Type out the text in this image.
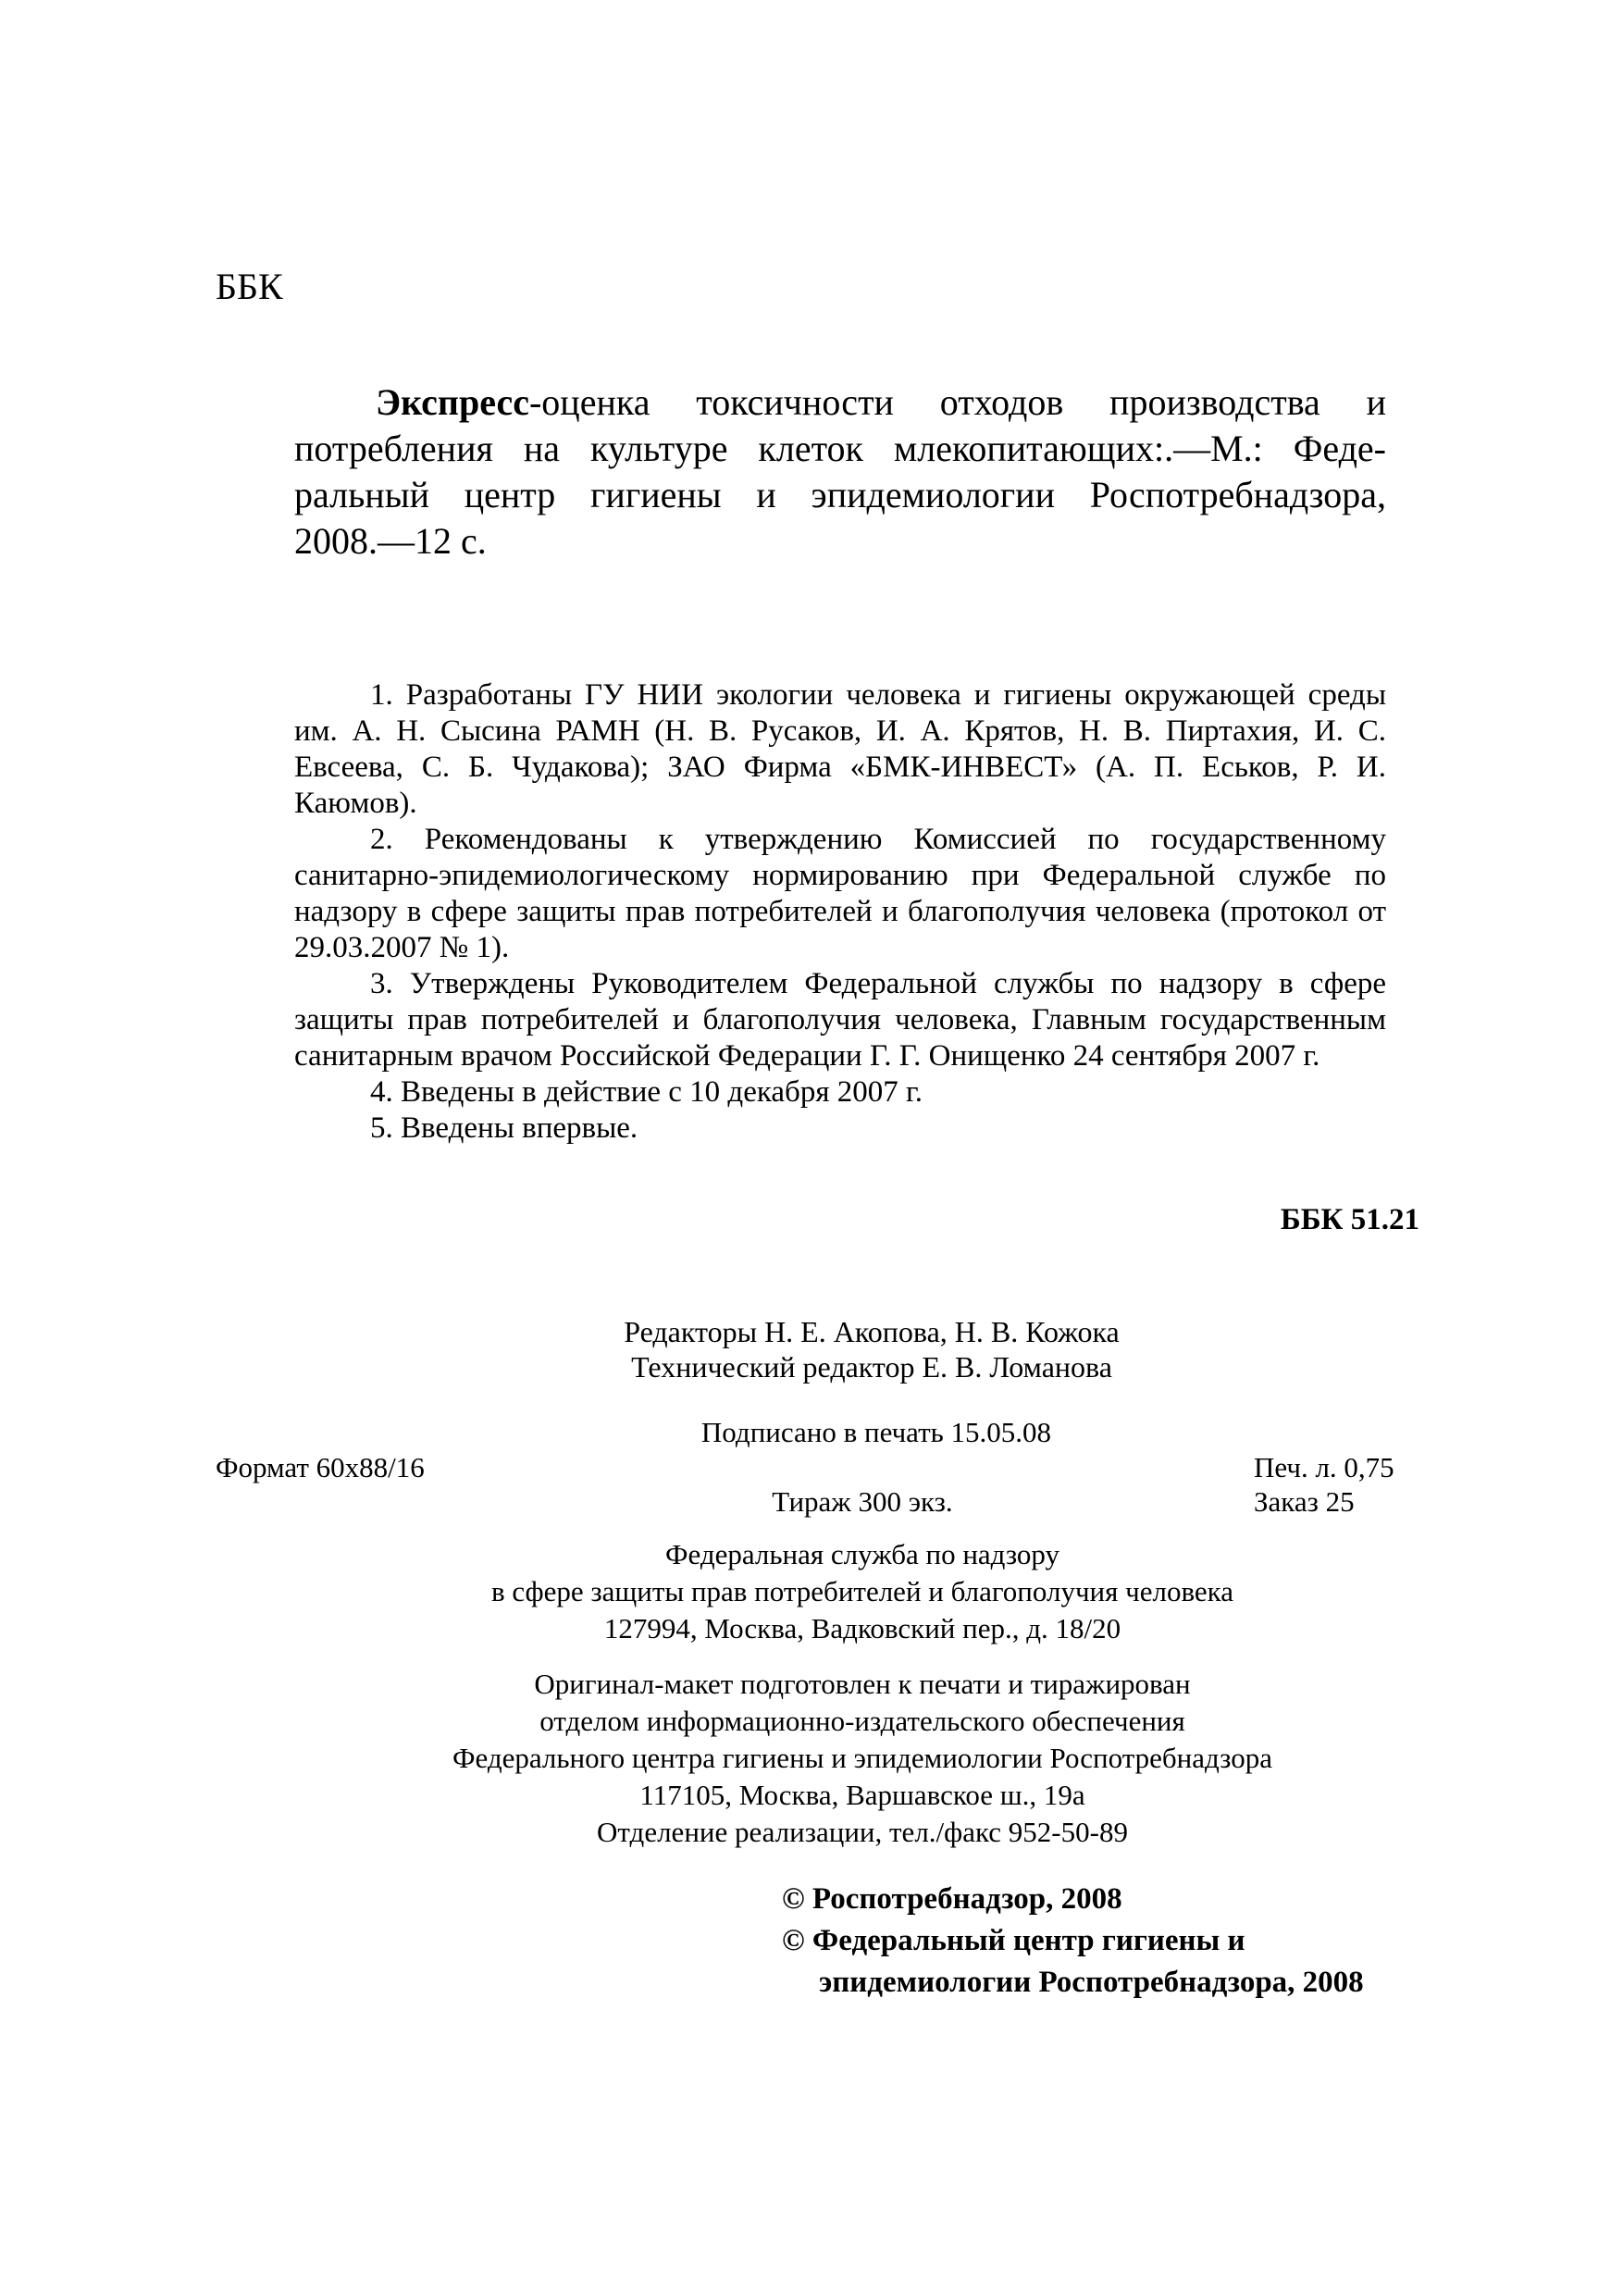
ББК
Экспресс-оценка токсичности отходов производства и
потребления на культуре клеток млекопитающих:.—М.: Феде-
ральный центр гигиены и эпидемиологии Роспотребнадзора,
2008.—12 с.

1. Разработаны ГУ НИИ экологии человека и гигиены окружающей среды им. А. Н. Сысина РАМН (Н. В. Русаков, И. А. Крятов, Н. В. Пиртахия, И. С. Евсеева, С. Б. Чудакова); ЗАО Фирма «БМК-ИНВЕСТ» (А. П. Еськов, Р. И. Каюмов).

2. Рекомендованы к утверждению Комиссией по государственному санитарно-эпидемиологическому нормированию при Федеральной службе по надзору в сфере защиты прав потребителей и благополучия человека (протокол от 29.03.2007 № 1).

3. Утверждены Руководителем Федеральной службы по надзору в сфере защиты прав потребителей и благополучия человека, Главным государственным санитарным врачом Российской Федерации Г. Г. Онищенко 24 сентября 2007 г.

4. Введены в действие с 10 декабря 2007 г.

5. Введены впервые.

ББК 51.21
Редакторы Н. Е. Акопова, Н. В. Кожока
Технический редактор Е. В. Ломанова
Подписано в печать 15.05.08
Формат 60х88/16	Печ. л. 0,75
Тираж 300 экз.	Заказ 25
Федеральная служба по надзору
в сфере защиты прав потребителей и благополучия человека
127994, Москва, Вадковский пер., д. 18/20
Оригинал-макет подготовлен к печати и тиражирован
отделом информационно-издательского обеспечения
Федерального центра гигиены и эпидемиологии Роспотребнадзора
117105, Москва, Варшавское ш., 19а
Отделение реализации, тел./факс 952-50-89
© Роспотребнадзор, 2008
© Федеральный центр гигиены и
эпидемиологии Роспотребнадзора, 2008
